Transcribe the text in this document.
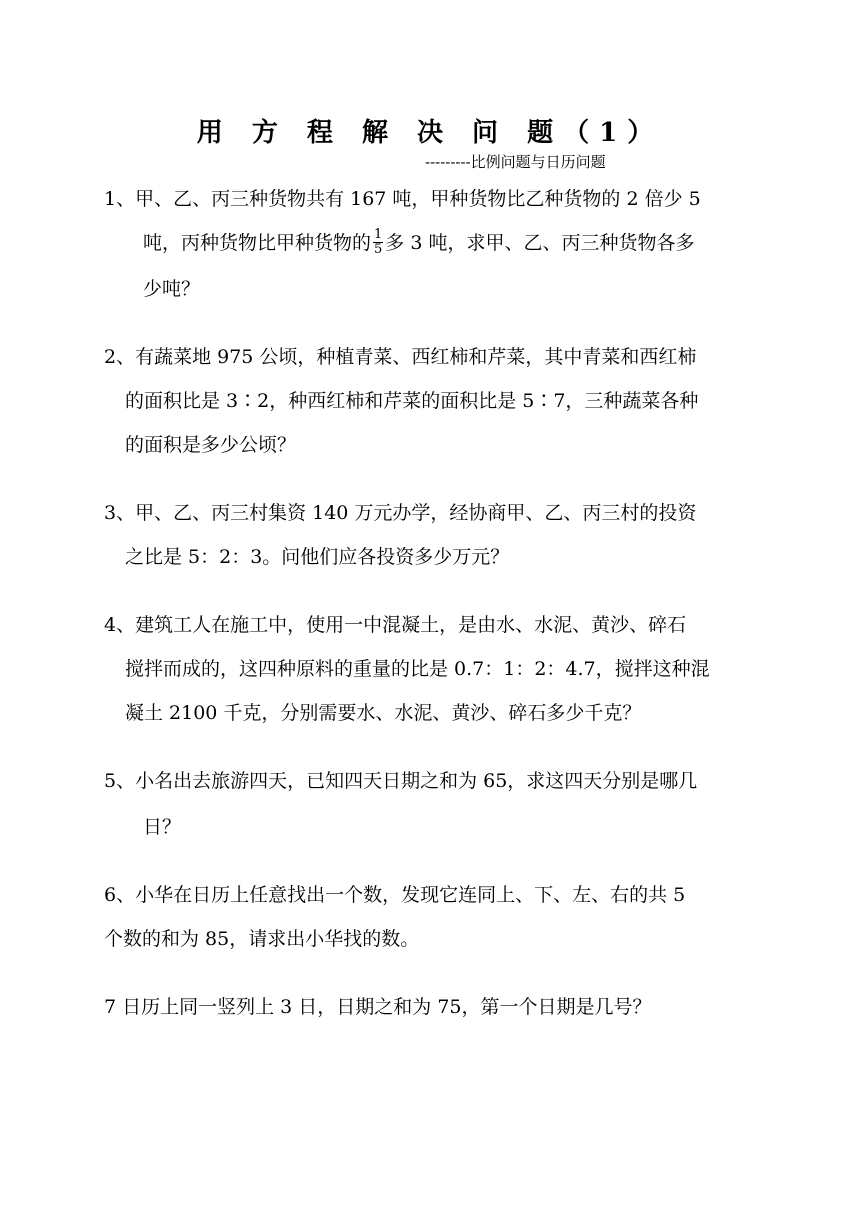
用 方 程 解 决 问 题（1）
---------比例问题与日历问题
1、甲、乙、丙三种货物共有 167 吨，甲种货物比乙种货物的 2 倍少 5
吨，丙种货物比甲种货物的 $\frac{1}{5}$ 多 3 吨，求甲、乙、丙三种货物各多
少吨？
2、有蔬菜地 975 公顷，种植青菜、西红柿和芹菜，其中青菜和西红柿
的面积比是 3∶2，种西红柿和芹菜的面积比是 5∶7，三种蔬菜各种
的面积是多少公顷？
3、甲、乙、丙三村集资 140 万元办学，经协商甲、乙、丙三村的投资
之比是 5：2：3。问他们应各投资多少万元？
4、建筑工人在施工中，使用一中混凝土，是由水、水泥、黄沙、碎石
搅拌而成的，这四种原料的重量的比是 0.7：1：2：4.7，搅拌这种混
凝土 2100 千克，分别需要水、水泥、黄沙、碎石多少千克？
5、小名出去旅游四天，已知四天日期之和为 65，求这四天分别是哪几
日？
6、小华在日历上任意找出一个数，发现它连同上、下、左、右的共 5
个数的和为 85，请求出小华找的数。
7 日历上同一竖列上 3 日，日期之和为 75，第一个日期是几号？
